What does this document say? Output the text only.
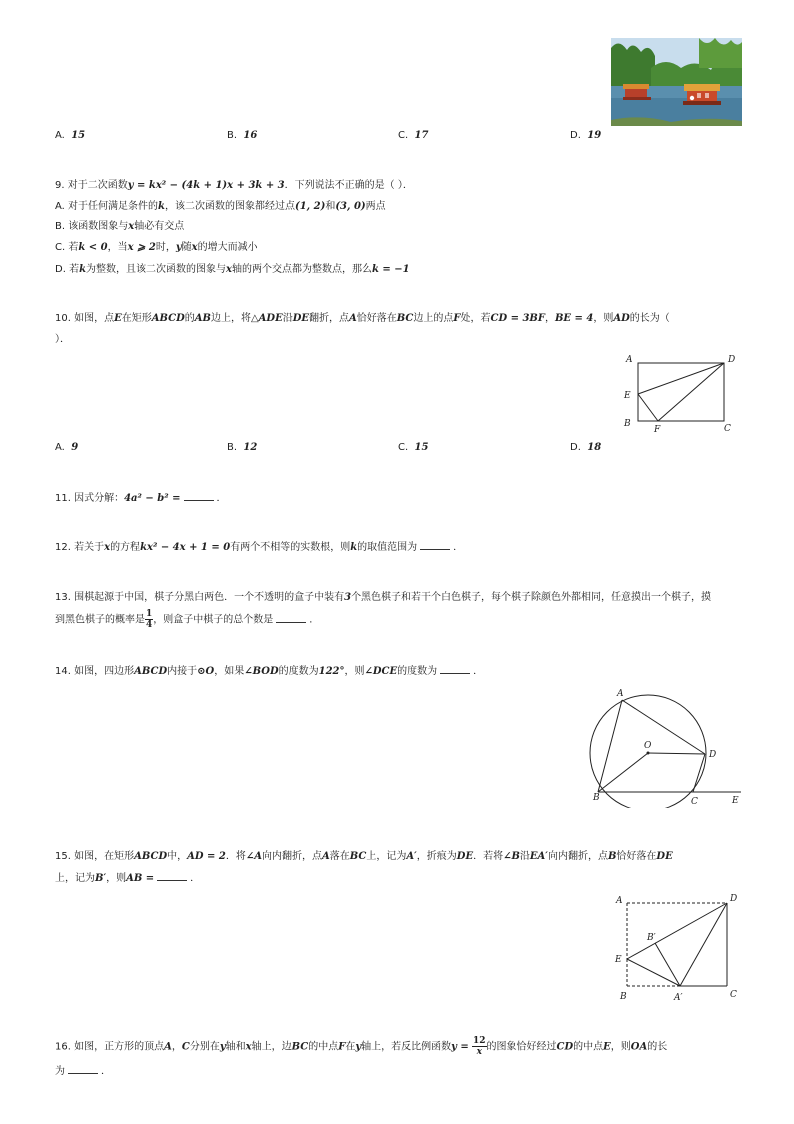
A. 15	B. 16	C. 17	D. 19
9. 对于二次函数y = kx² − (4k + 1)x + 3k + 3．下列说法不正确的是（ ）．
A. 对于任何满足条件的k，该二次函数的图象都经过点(1, 2)和(3, 0)两点
B. 该函数图象与x轴必有交点
C. 若k < 0，当x ⩾ 2时，y随x的增大而减小
D. 若k为整数，且该二次函数的图象与x轴的两个交点都为整数点，那么k = −1
10. 如图，点E在矩形ABCD的AB边上，将△ADE沿DE翻折，点A恰好落在BC边上的点F处，若CD = 3BF，BE = 4，则AD的长为（
）．
A	D
E
B
F	C
A. 9	B. 12	C. 15	D. 18
11. 因式分解：4a² − b² =	．
12. 若关于x的方程kx² − 4x + 1 = 0有两个不相等的实数根，则k的取值范围为	．
13. 围棋起源于中国，棋子分黑白两色．一个不透明的盒子中装有3个黑色棋子和若干个白色棋子，每个棋子除颜色外都相同，任意摸出一个棋子，摸
到黑色棋子的概率是 $\frac{1}{4}$ ，则盒子中棋子的总个数是	．
14. 如图，四边形ABCD内接于⊙O，如果∠BOD的度数为122°，则∠DCE的度数为	．
A
O
D
B	C	E
15. 如图，在矩形ABCD中，AD = 2．将∠A向内翻折，点A落在BC上，记为A′，折痕为DE．若将∠B沿EA′向内翻折，点B恰好落在DE
上，记为B′，则AB =	．
A	D
B′
E
B	A′	C
16. 如图，正方形的顶点A，C分别在y轴和x轴上，边BC的中点F在y轴上，若反比例函数$y = \frac{12}{x}$ 的图象恰好经过CD的中点E，则OA的长
为	．
